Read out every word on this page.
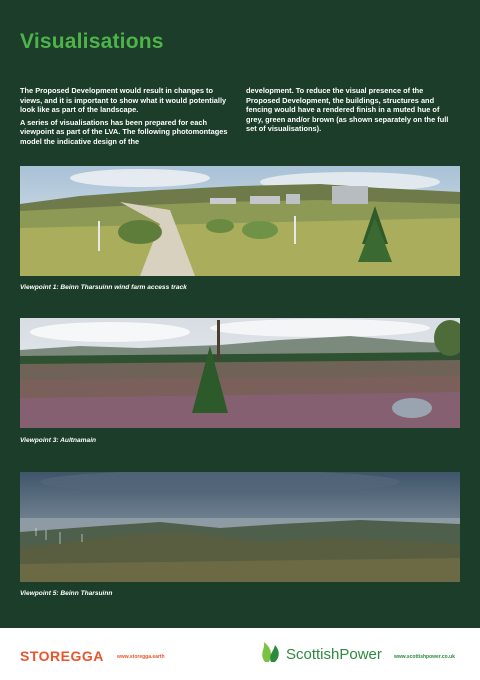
Visualisations

The Proposed Development would result in changes to views, and it is important to show what it would potentially look like as part of the landscape.

A series of visualisations has been prepared for each viewpoint as part of the LVA. The following photomontages model the indicative design of the

development. To reduce the visual presence of the Proposed Development, the buildings, structures and fencing would have a rendered finish in a muted hue of grey, green and/or brown (as shown separately on the full set of visualisations).

Viewpoint 1: Beinn Tharsuinn wind farm access track
Viewpoint 3: Aultnamain
Viewpoint 5: Beinn Tharsuinn
STOREGGA	www.storegga.earth	ScottishPower www.scottishpower.co.uk
